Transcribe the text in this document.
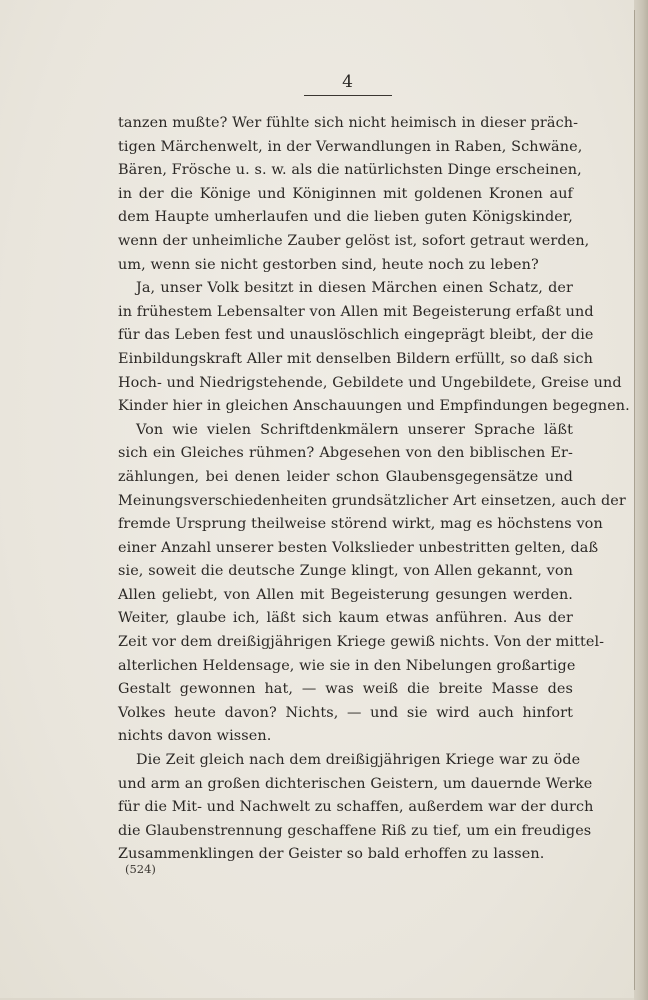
4
tanzen mußte? Wer fühlte sich nicht heimisch in dieser präch-
tigen Märchenwelt, in der Verwandlungen in Raben, Schwäne,
Bären, Frösche u. s. w. als die natürlichsten Dinge erscheinen,
in der die Könige und Königinnen mit goldenen Kronen auf
dem Haupte umherlaufen und die lieben guten Königskinder,
wenn der unheimliche Zauber gelöst ist, sofort getraut werden,
um, wenn sie nicht gestorben sind, heute noch zu leben?
Ja, unser Volk besitzt in diesen Märchen einen Schatz, der
in frühestem Lebensalter von Allen mit Begeisterung erfaßt und
für das Leben fest und unauslöschlich eingeprägt bleibt, der die
Einbildungskraft Aller mit denselben Bildern erfüllt, so daß sich
Hoch- und Niedrigstehende, Gebildete und Ungebildete, Greise und
Kinder hier in gleichen Anschauungen und Empfindungen begegnen.
Von wie vielen Schriftdenkmälern unserer Sprache läßt
sich ein Gleiches rühmen? Abgesehen von den biblischen Er-
zählungen, bei denen leider schon Glaubensgegensätze und
Meinungsverschiedenheiten grundsätzlicher Art einsetzen, auch der
fremde Ursprung theilweise störend wirkt, mag es höchstens von
einer Anzahl unserer besten Volkslieder unbestritten gelten, daß
sie, soweit die deutsche Zunge klingt, von Allen gekannt, von
Allen geliebt, von Allen mit Begeisterung gesungen werden.
Weiter, glaube ich, läßt sich kaum etwas anführen. Aus der
Zeit vor dem dreißigjährigen Kriege gewiß nichts. Von der mittel-
alterlichen Heldensage, wie sie in den Nibelungen großartige
Gestalt gewonnen hat, — was weiß die breite Masse des
Volkes heute davon? Nichts, — und sie wird auch hinfort
nichts davon wissen.
Die Zeit gleich nach dem dreißigjährigen Kriege war zu öde
und arm an großen dichterischen Geistern, um dauernde Werke
für die Mit- und Nachwelt zu schaffen, außerdem war der durch
die Glaubenstrennung geschaffene Riß zu tief, um ein freudiges
Zusammenklingen der Geister so bald erhoffen zu lassen.
(524)
